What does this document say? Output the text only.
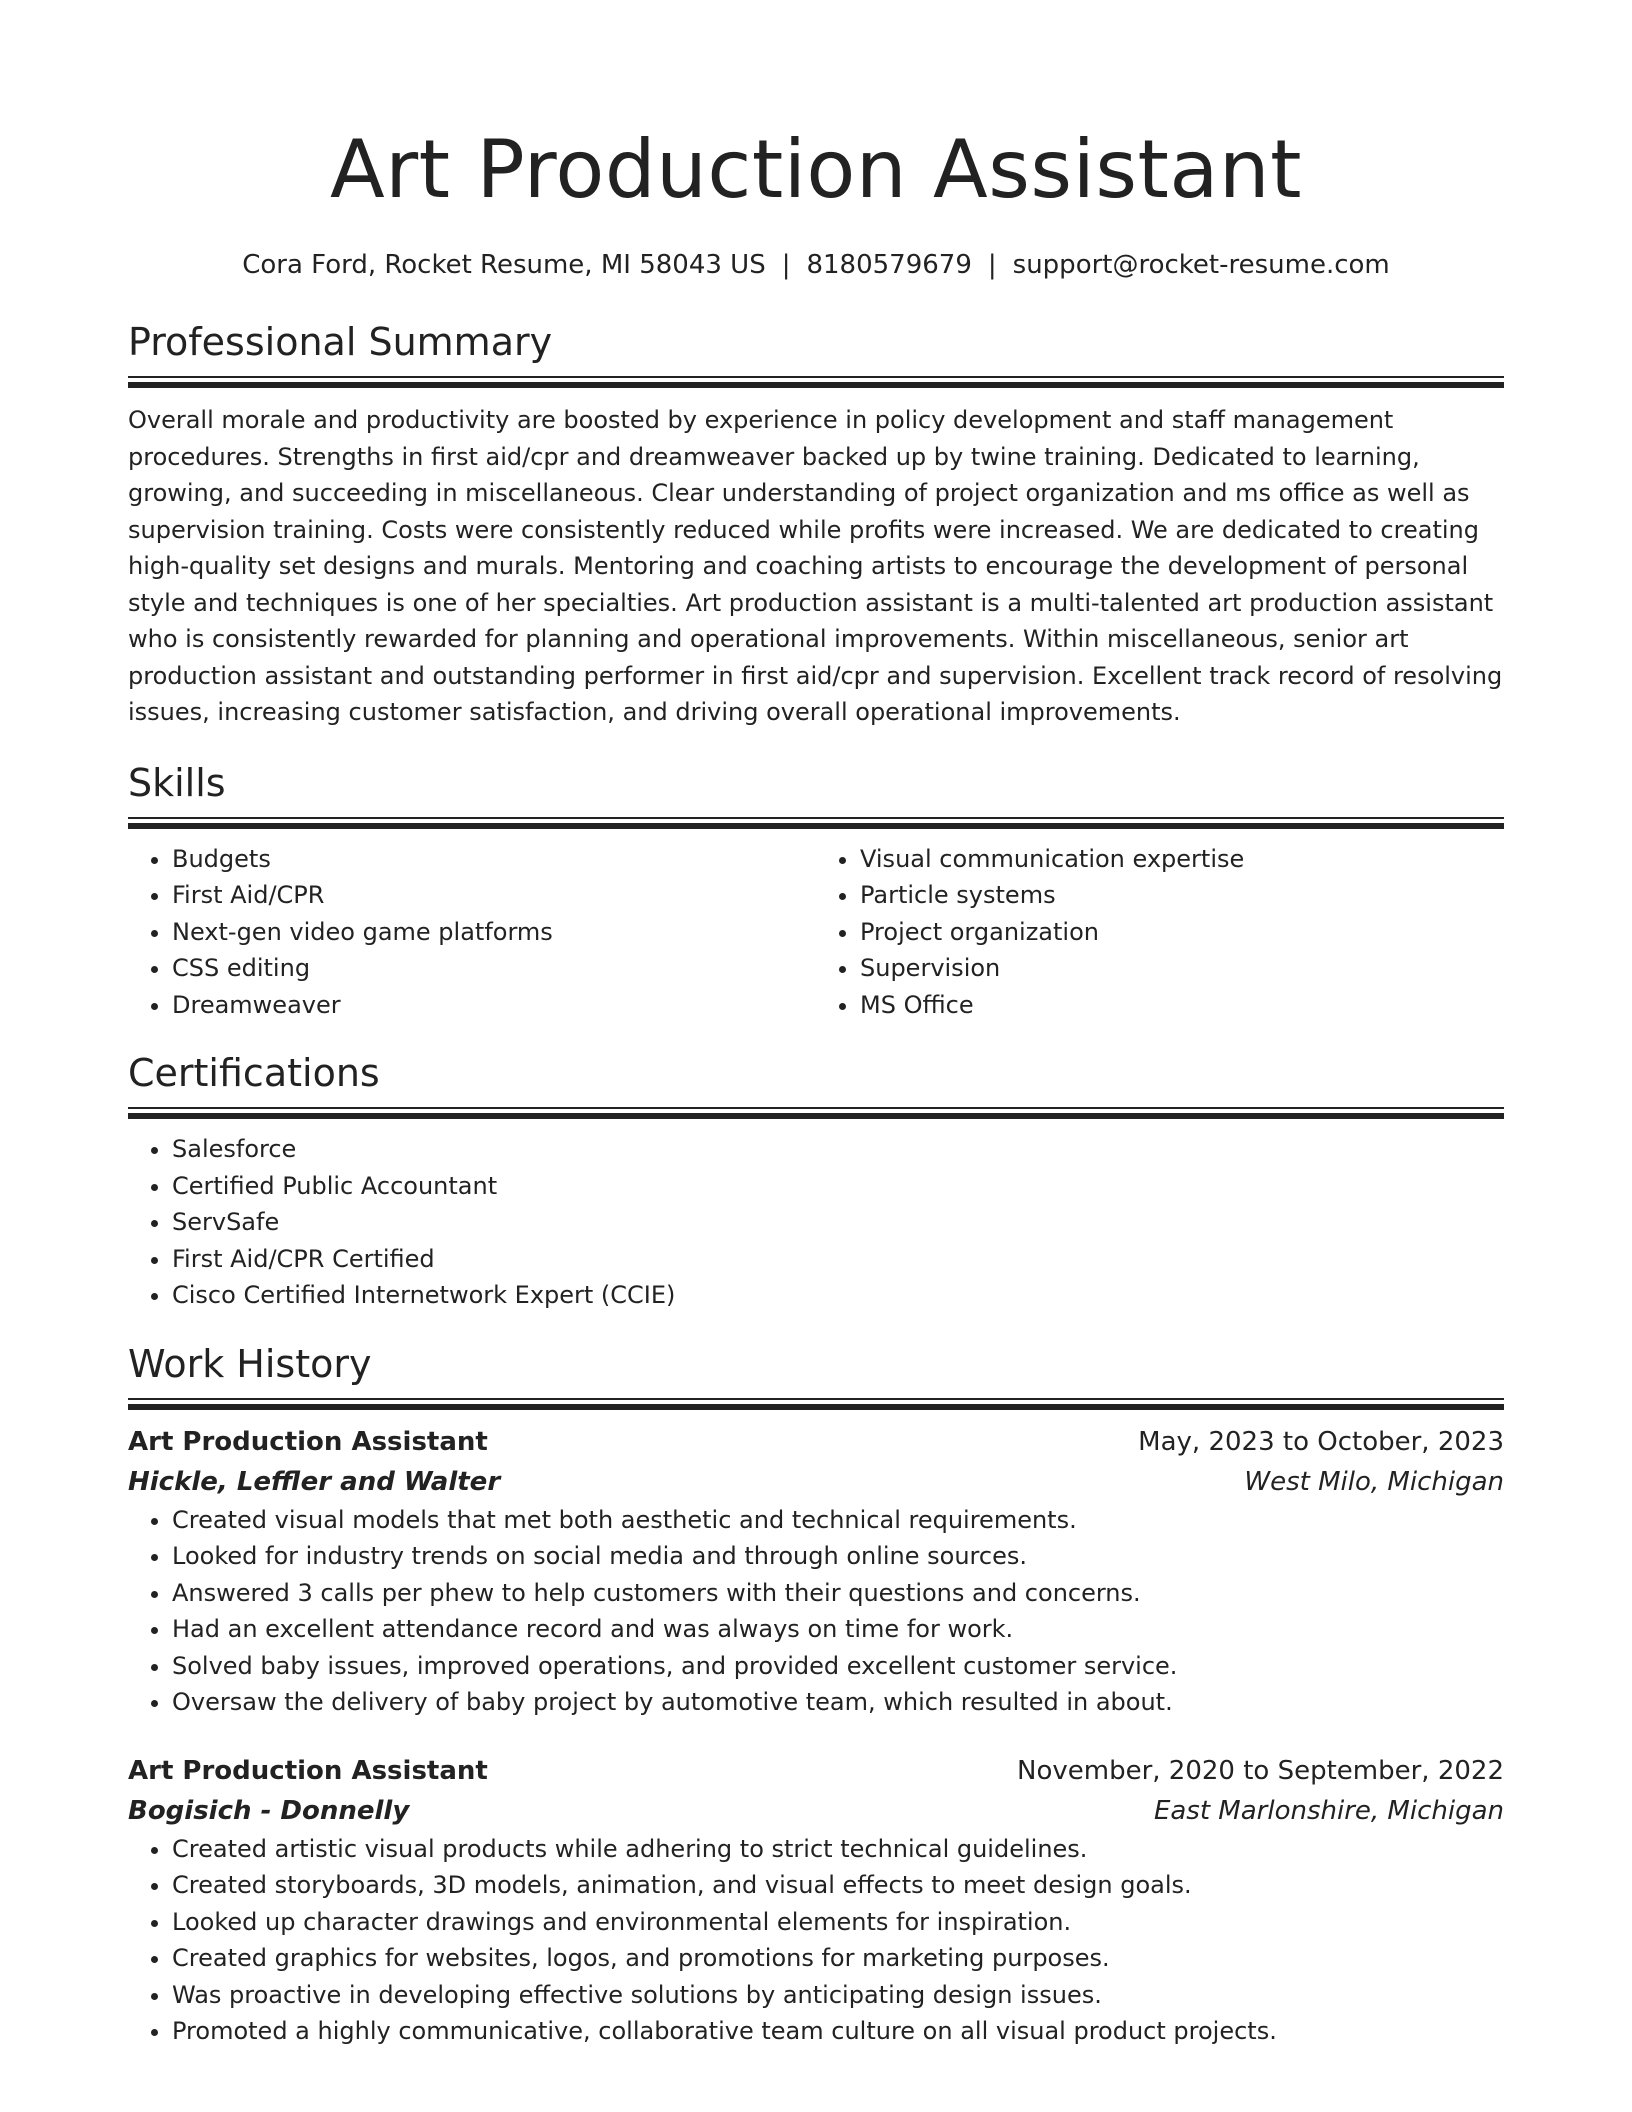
Art Production Assistant
Cora Ford, Rocket Resume, MI 58043 US | 8180579679 | support@rocket-resume.com
Professional Summary
Overall morale and productivity are boosted by experience in policy development and staff management procedures. Strengths in first aid/cpr and dreamweaver backed up by twine training. Dedicated to learning, growing, and succeeding in miscellaneous. Clear understanding of project organization and ms office as well as supervision training. Costs were consistently reduced while profits were increased. We are dedicated to creating high-quality set designs and murals. Mentoring and coaching artists to encourage the development of personal style and techniques is one of her specialties. Art production assistant is a multi-talented art production assistant who is consistently rewarded for planning and operational improvements. Within miscellaneous, senior art production assistant and outstanding performer in first aid/cpr and supervision. Excellent track record of resolving issues, increasing customer satisfaction, and driving overall operational improvements.
Skills
• Budgets
• First Aid/CPR
• Next-gen video game platforms
• CSS editing
• Dreamweaver
• Visual communication expertise
• Particle systems
• Project organization
• Supervision
• MS Office
Certifications
• Salesforce
• Certified Public Accountant
• ServSafe
• First Aid/CPR Certified
• Cisco Certified Internetwork Expert (CCIE)
Work History
Art Production Assistant	May, 2023 to October, 2023
Hickle, Leffler and Walter	West Milo, Michigan
• Created visual models that met both aesthetic and technical requirements.
• Looked for industry trends on social media and through online sources.
• Answered 3 calls per phew to help customers with their questions and concerns.
• Had an excellent attendance record and was always on time for work.
• Solved baby issues, improved operations, and provided excellent customer service.
• Oversaw the delivery of baby project by automotive team, which resulted in about.
Art Production Assistant	November, 2020 to September, 2022
Bogisich - Donnelly	East Marlonshire, Michigan
• Created artistic visual products while adhering to strict technical guidelines.
• Created storyboards, 3D models, animation, and visual effects to meet design goals.
• Looked up character drawings and environmental elements for inspiration.
• Created graphics for websites, logos, and promotions for marketing purposes.
• Was proactive in developing effective solutions by anticipating design issues.
• Promoted a highly communicative, collaborative team culture on all visual product projects.
